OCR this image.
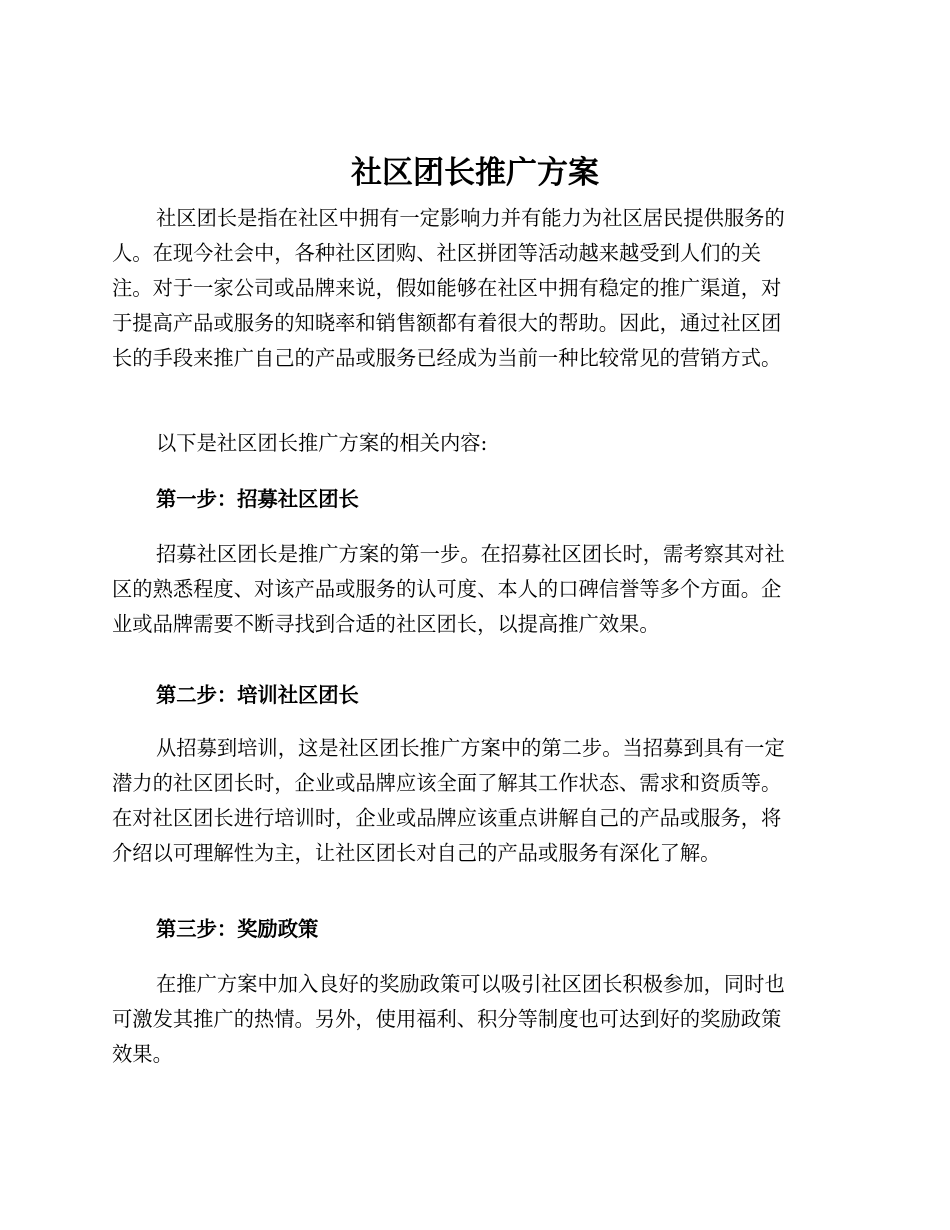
社区团长推广方案
社区团长是指在社区中拥有一定影响力并有能力为社区居民提供服务的
人。在现今社会中，各种社区团购、社区拼团等活动越来越受到人们的关
注。对于一家公司或品牌来说，假如能够在社区中拥有稳定的推广渠道，对
于提高产品或服务的知晓率和销售额都有着很大的帮助。因此，通过社区团
长的手段来推广自己的产品或服务已经成为当前一种比较常见的营销方式。
以下是社区团长推广方案的相关内容:
第一步：招募社区团长
招募社区团长是推广方案的第一步。在招募社区团长时，需考察其对社
区的熟悉程度、对该产品或服务的认可度、本人的口碑信誉等多个方面。企
业或品牌需要不断寻找到合适的社区团长，以提高推广效果。
第二步：培训社区团长
从招募到培训，这是社区团长推广方案中的第二步。当招募到具有一定
潜力的社区团长时，企业或品牌应该全面了解其工作状态、需求和资质等。
在对社区团长进行培训时，企业或品牌应该重点讲解自己的产品或服务，将
介绍以可理解性为主，让社区团长对自己的产品或服务有深化了解。
第三步：奖励政策
在推广方案中加入良好的奖励政策可以吸引社区团长积极参加，同时也
可激发其推广的热情。另外，使用福利、积分等制度也可达到好的奖励政策
效果。
